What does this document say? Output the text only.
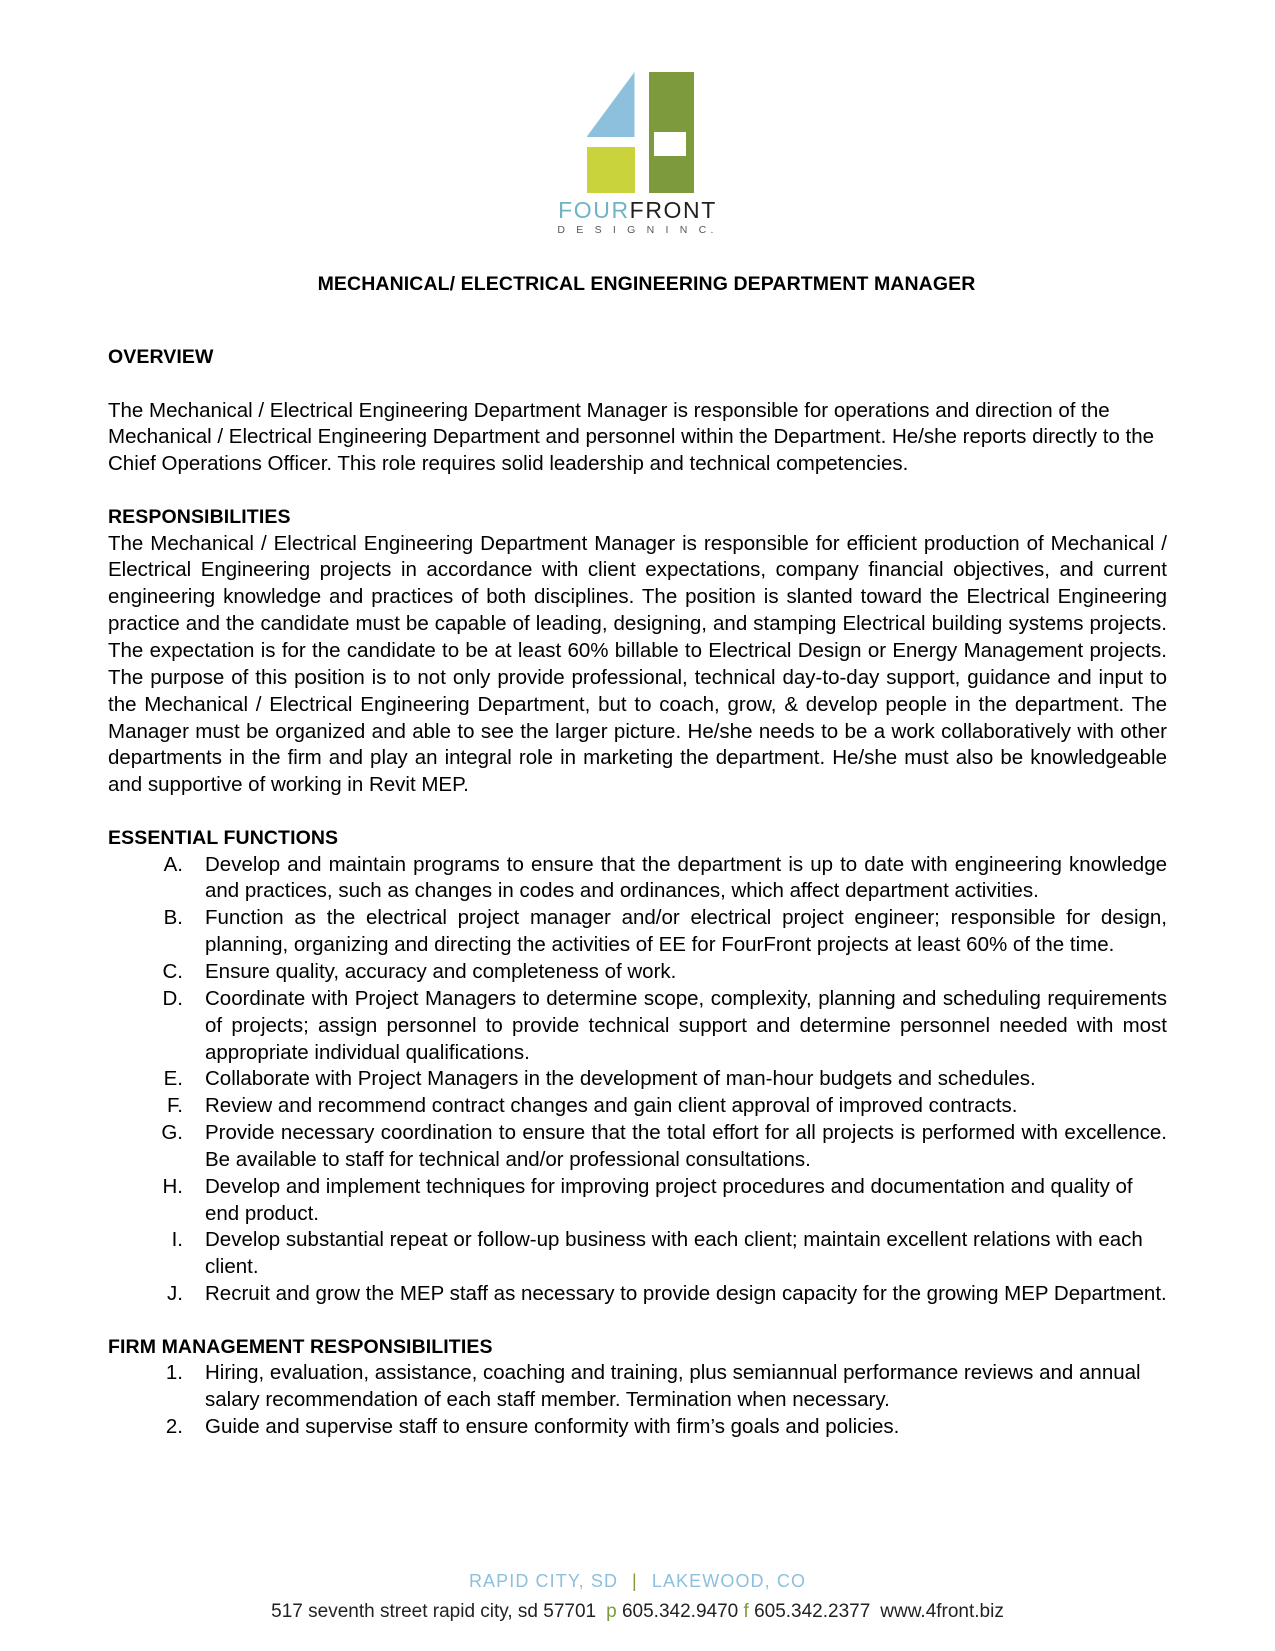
FOURFRONT
D E S I G N I N C.
MECHANICAL/ ELECTRICAL ENGINEERING DEPARTMENT MANAGER
OVERVIEW

The Mechanical / Electrical Engineering Department Manager is responsible for operations and direction of the Mechanical / Electrical Engineering Department and personnel within the Department. He/she reports directly to the Chief Operations Officer. This role requires solid leadership and technical competencies.

RESPONSIBILITIES

The Mechanical / Electrical Engineering Department Manager is responsible for efficient production of Mechanical / Electrical Engineering projects in accordance with client expectations, company financial objectives, and current engineering knowledge and practices of both disciplines. The position is slanted toward the Electrical Engineering practice and the candidate must be capable of leading, designing, and stamping Electrical building systems projects. The expectation is for the candidate to be at least 60% billable to Electrical Design or Energy Management projects. The purpose of this position is to not only provide professional, technical day-to-day support, guidance and input to the Mechanical / Electrical Engineering Department, but to coach, grow, & develop people in the department. The Manager must be organized and able to see the larger picture. He/she needs to be a work collaboratively with other departments in the firm and play an integral role in marketing the department. He/she must also be knowledgeable and supportive of working in Revit MEP.

ESSENTIAL FUNCTIONS
A. Develop and maintain programs to ensure that the department is up to date with engineering knowledge and practices, such as changes in codes and ordinances, which affect department activities.
B. Function as the electrical project manager and/or electrical project engineer; responsible for design, planning, organizing and directing the activities of EE for FourFront projects at least 60% of the time.
C. Ensure quality, accuracy and completeness of work.
D. Coordinate with Project Managers to determine scope, complexity, planning and scheduling requirements of projects; assign personnel to provide technical support and determine personnel needed with most appropriate individual qualifications.
E. Collaborate with Project Managers in the development of man-hour budgets and schedules.
F. Review and recommend contract changes and gain client approval of improved contracts.
G. Provide necessary coordination to ensure that the total effort for all projects is performed with excellence. Be available to staff for technical and/or professional consultations.
H. Develop and implement techniques for improving project procedures and documentation and quality of end product.
I. Develop substantial repeat or follow-up business with each client; maintain excellent relations with each client.
J. Recruit and grow the MEP staff as necessary to provide design capacity for the growing MEP Department.
FIRM MANAGEMENT RESPONSIBILITIES
1. Hiring, evaluation, assistance, coaching and training, plus semiannual performance reviews and annual salary recommendation of each staff member. Termination when necessary.
2. Guide and supervise staff to ensure conformity with firm’s goals and policies.
RAPID CITY, SD | LAKEWOOD, CO
517 seventh street rapid city, sd 57701 p 605.342.9470 f 605.342.2377 www.4front.biz
